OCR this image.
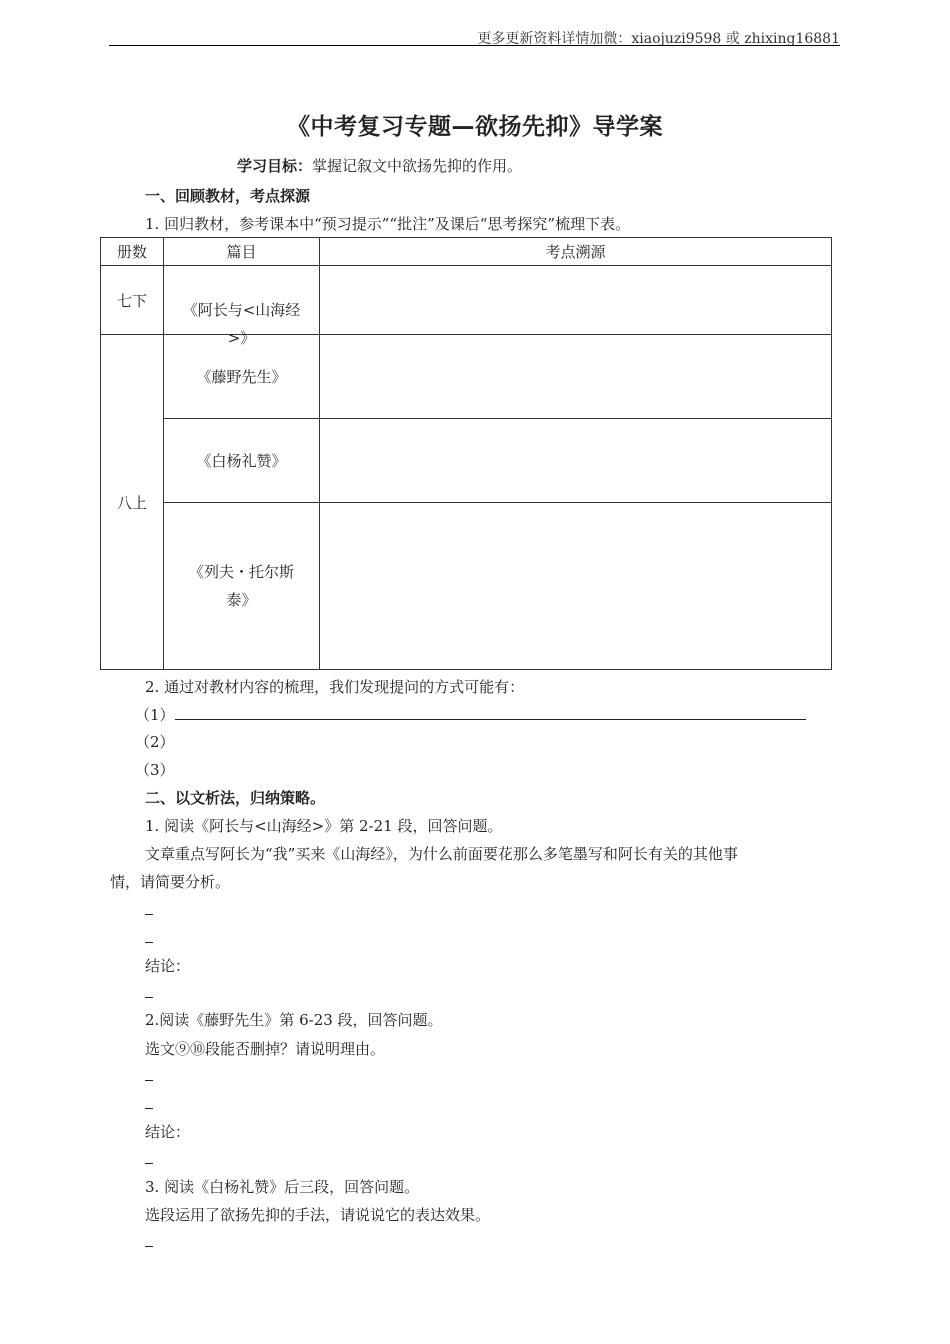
更多更新资料详情加微：xiaojuzi9598 或 zhixing16881
《中考复习专题—欲扬先抑》导学案
学习目标：掌握记叙文中欲扬先抑的作用。
一、回顾教材，考点探源
1. 回归教材，参考课本中“预习提示”“批注”及课后“思考探究”梳理下表。
册数	篇目	考点溯源
七下	《阿长与<山海经>》	

八上	《藤野先生》	
	《白杨礼赞》	

	《列夫・托尔斯泰》	

2. 通过对教材内容的梳理，我们发现提问的方式可能有：
（1）
（2）
（3）
二、以文析法，归纳策略。
1. 阅读《阿长与<山海经>》第 2-21 段，回答问题。
文章重点写阿长为“我”买来《山海经》，为什么前面要花那么多笔墨写和阿长有关的其他事
情，请简要分析。
结论：
2.阅读《藤野先生》第 6-23 段，回答问题。
选文⑨⑩段能否删掉？请说明理由。
结论：
3. 阅读《白杨礼赞》后三段，回答问题。
选段运用了欲扬先抑的手法，请说说它的表达效果。
